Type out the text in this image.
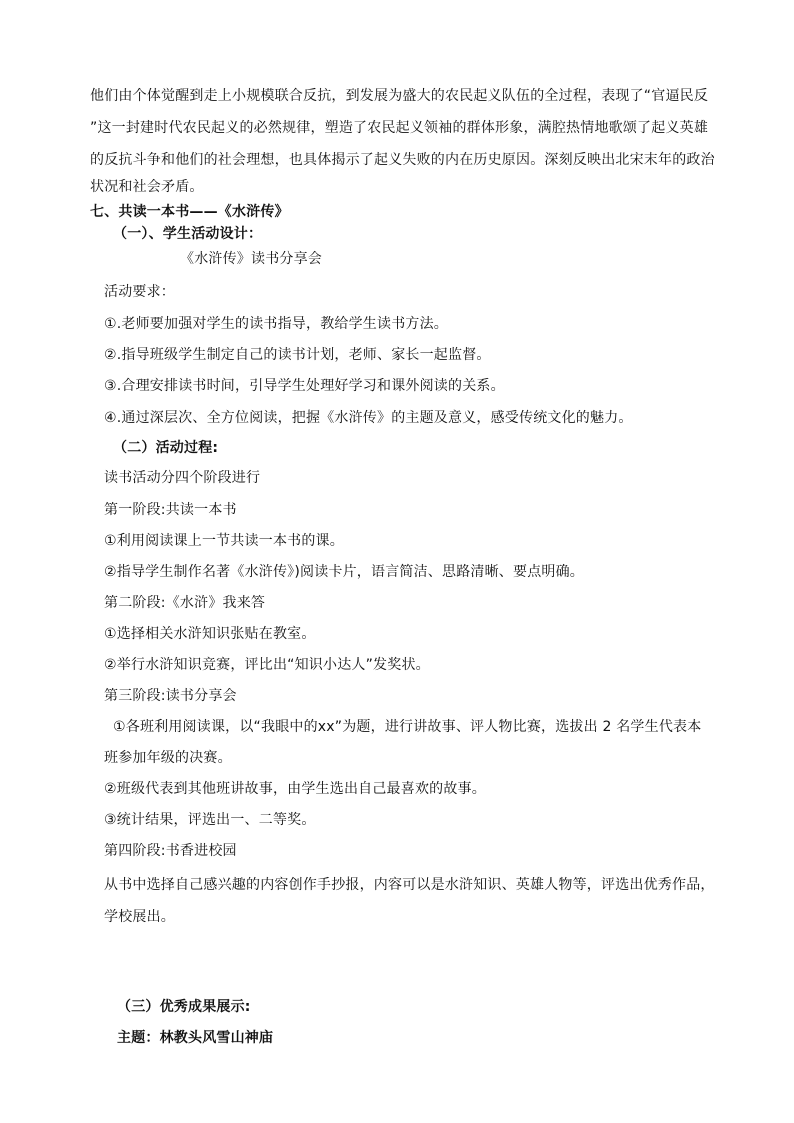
他们由个体觉醒到走上小规模联合反抗，到发展为盛大的农民起义队伍的全过程，表现了“官逼民反
”这一封建时代农民起义的必然规律，塑造了农民起义领袖的群体形象，满腔热情地歌颂了起义英雄
的反抗斗争和他们的社会理想，也具体揭示了起义失败的内在历史原因。深刻反映出北宋末年的政治
状况和社会矛盾。
七、共读一本书——《水浒传》
（一）、学生活动设计：
《水浒传》读书分享会
活动要求：
①.老师要加强对学生的读书指导，教给学生读书方法。
②.指导班级学生制定自己的读书计划，老师、家长一起监督。
③.合理安排读书时间，引导学生处理好学习和课外阅读的关系。
④.通过深层次、全方位阅读，把握《水浒传》的主题及意义，感受传统文化的魅力。
（二）活动过程:
读书活动分四个阶段进行
第一阶段:共读一本书
①利用阅读课上一节共读一本书的课。
②指导学生制作名著《水浒传》)阅读卡片，语言简洁、思路清晰、要点明确。
第二阶段:《水浒》我来答
①选择相关水浒知识张贴在教室。
②举行水浒知识竞赛，评比出“知识小达人”发奖状。
第三阶段:读书分享会
①各班利用阅读课，以“我眼中的xx”为题，进行讲故事、评人物比赛，选拔出 2 名学生代表本
班参加年级的决赛。
②班级代表到其他班讲故事，由学生选出自己最喜欢的故事。
③统计结果，评选出一、二等奖。
第四阶段:书香进校园
从书中选择自己感兴趣的内容创作手抄报，内容可以是水浒知识、英雄人物等，评选出优秀作品，
学校展出。
（三）优秀成果展示:
主题：林教头风雪山神庙
